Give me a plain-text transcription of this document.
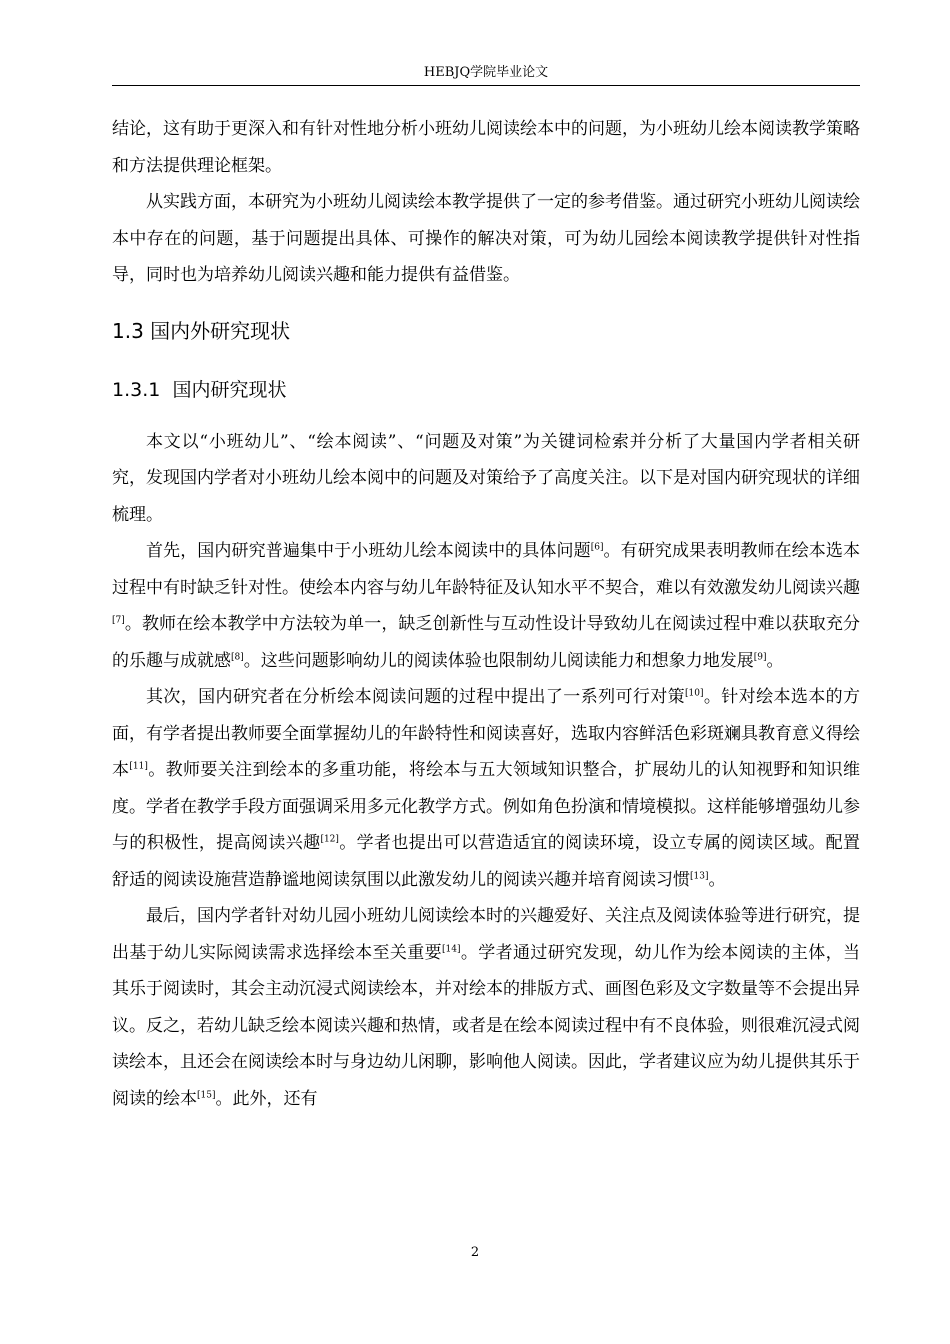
HEBJQ学院毕业论文

结论，这有助于更深入和有针对性地分析小班幼儿阅读绘本中的问题，为小班幼儿绘本阅读教学策略和方法提供理论框架。

从实践方面，本研究为小班幼儿阅读绘本教学提供了一定的参考借鉴。通过研究小班幼儿阅读绘本中存在的问题，基于问题提出具体、可操作的解决对策，可为幼儿园绘本阅读教学提供针对性指导，同时也为培养幼儿阅读兴趣和能力提供有益借鉴。

1.3 国内外研究现状
1.3.1 国内研究现状

本文以“小班幼儿”、“绘本阅读”、“问题及对策”为关键词检索并分析了大量国内学者相关研究，发现国内学者对小班幼儿绘本阅中的问题及对策给予了高度关注。以下是对国内研究现状的详细梳理。

首先，国内研究普遍集中于小班幼儿绘本阅读中的具体问题[6]。有研究成果表明教师在绘本选本过程中有时缺乏针对性。使绘本内容与幼儿年龄特征及认知水平不契合，难以有效激发幼儿阅读兴趣[7]。教师在绘本教学中方法较为单一，缺乏创新性与互动性设计导致幼儿在阅读过程中难以获取充分的乐趣与成就感[8]。这些问题影响幼儿的阅读体验也限制幼儿阅读能力和想象力地发展[9]。

其次，国内研究者在分析绘本阅读问题的过程中提出了一系列可行对策[10]。针对绘本选本的方面，有学者提出教师要全面掌握幼儿的年龄特性和阅读喜好，选取内容鲜活色彩斑斓具教育意义得绘本[11]。教师要关注到绘本的多重功能，将绘本与五大领域知识整合，扩展幼儿的认知视野和知识维度。学者在教学手段方面强调采用多元化教学方式。例如角色扮演和情境模拟。这样能够增强幼儿参与的积极性，提高阅读兴趣[12]。学者也提出可以营造适宜的阅读环境，设立专属的阅读区域。配置舒适的阅读设施营造静谧地阅读氛围以此激发幼儿的阅读兴趣并培育阅读习惯[13]。

最后，国内学者针对幼儿园小班幼儿阅读绘本时的兴趣爱好、关注点及阅读体验等进行研究，提出基于幼儿实际阅读需求选择绘本至关重要[14]。学者通过研究发现，幼儿作为绘本阅读的主体，当其乐于阅读时，其会主动沉浸式阅读绘本，并对绘本的排版方式、画图色彩及文字数量等不会提出异议。反之，若幼儿缺乏绘本阅读兴趣和热情，或者是在绘本阅读过程中有不良体验，则很难沉浸式阅读绘本，且还会在阅读绘本时与身边幼儿闲聊，影响他人阅读。因此，学者建议应为幼儿提供其乐于阅读的绘本[15]。此外，还有

2
